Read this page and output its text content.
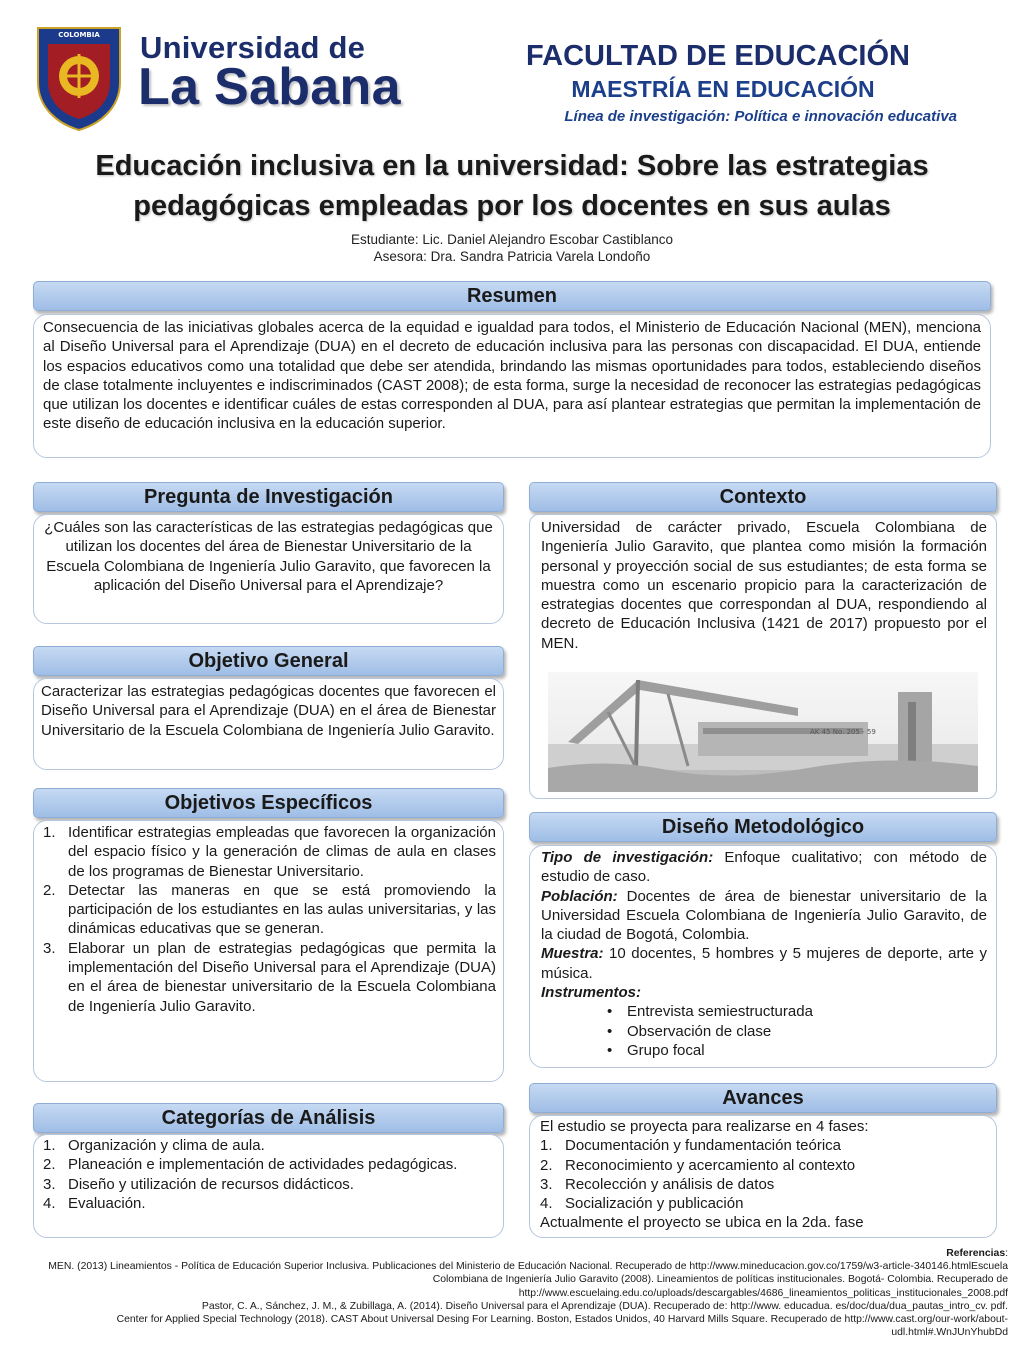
COLOMBIA Universidad de
La Sabana
FACULTAD DE EDUCACIÓN
MAESTRÍA EN EDUCACIÓN
Línea de investigación: Política e innovación educativa
Educación inclusiva en la universidad: Sobre las estrategias
pedagógicas empleadas por los docentes en sus aulas
Estudiante: Lic. Daniel Alejandro Escobar Castiblanco
Asesora: Dra. Sandra Patricia Varela Londoño
Resumen

Consecuencia de las iniciativas globales acerca de la equidad e igualdad para todos, el Ministerio de Educación Nacional (MEN), menciona al Diseño Universal para el Aprendizaje (DUA) en el decreto de educación inclusiva para las personas con discapacidad. El DUA, entiende los espacios educativos como una totalidad que debe ser atendida, brindando las mismas oportunidades para todos, estableciendo diseños de clase totalmente incluyentes e indiscriminados (CAST 2008); de esta forma, surge la necesidad de reconocer las estrategias pedagógicas que utilizan los docentes e identificar cuáles de estas corresponden al DUA, para así plantear estrategias que permitan la implementación de este diseño de educación inclusiva en la educación superior.

Pregunta de Investigación

¿Cuáles son las características de las estrategias pedagógicas que utilizan los docentes del área de Bienestar Universitario de la Escuela Colombiana de Ingeniería Julio Garavito, que favorecen la aplicación del Diseño Universal para el Aprendizaje?

Contexto

Universidad de carácter privado, Escuela Colombiana de Ingeniería Julio Garavito, que plantea como misión la formación personal y proyección social de sus estudiantes; de esta forma se muestra como un escenario propicio para la caracterización de estrategias docentes que correspondan al DUA, respondiendo al decreto de Educación Inclusiva (1421 de 2017) propuesto por el MEN.

AK 45 No. 205 - 59
Objetivo General

Caracterizar las estrategias pedagógicas docentes que favorecen el Diseño Universal para el Aprendizaje (DUA) en el área de Bienestar Universitario de la Escuela Colombiana de Ingeniería Julio Garavito.

Objetivos Específicos
1. Identificar estrategias empleadas que favorecen la organización del espacio físico y la generación de climas de aula en clases de los programas de Bienestar Universitario.
2. Detectar las maneras en que se está promoviendo la participación de los estudiantes en las aulas universitarias, y las dinámicas educativas que se generan.
3. Elaborar un plan de estrategias pedagógicas que permita la implementación del Diseño Universal para el Aprendizaje (DUA) en el área de bienestar universitario de la Escuela Colombiana de Ingeniería Julio Garavito.
Diseño Metodológico

Tipo de investigación: Enfoque cualitativo; con método de estudio de caso.

Población: Docentes de área de bienestar universitario de la Universidad Escuela Colombiana de Ingeniería Julio Garavito, de la ciudad de Bogotá, Colombia.

Muestra: 10 docentes, 5 hombres y 5 mujeres de deporte, arte y música.

Instrumentos:

• Entrevista semiestructurada
• Observación de clase
• Grupo focal
Categorías de Análisis
1. Organización y clima de aula.
2. Planeación e implementación de actividades pedagógicas.
3. Diseño y utilización de recursos didácticos.
4. Evaluación.
Avances

El estudio se proyecta para realizarse en 4 fases:

1. Documentación y fundamentación teórica
2. Reconocimiento y acercamiento al contexto
3. Recolección y análisis de datos
4. Socialización y publicación

Actualmente el proyecto se ubica en la 2da. fase

Referencias:
MEN. (2013) Lineamientos - Política de Educación Superior Inclusiva. Publicaciones del Ministerio de Educación Nacional. Recuperado de http://www.mineducacion.gov.co/1759/w3-article-340146.htmlEscuela Colombiana de Ingeniería Julio Garavito (2008). Lineamientos de políticas institucionales. Bogotá- Colombia. Recuperado de http://www.escuelaing.edu.co/uploads/descargables/4686_lineamientos_politicas_institucionales_2008.pdf
Pastor, C. A., Sánchez, J. M., & Zubillaga, A. (2014). Diseño Universal para el Aprendizaje (DUA). Recuperado de: http://www. educadua. es/doc/dua/dua_pautas_intro_cv. pdf.
Center for Applied Special Technology (2018). CAST About Universal Desing For Learning. Boston, Estados Unidos, 40 Harvard Mills Square. Recuperado de http://www.cast.org/our-work/about-udl.html#.WnJUnYhubDd
